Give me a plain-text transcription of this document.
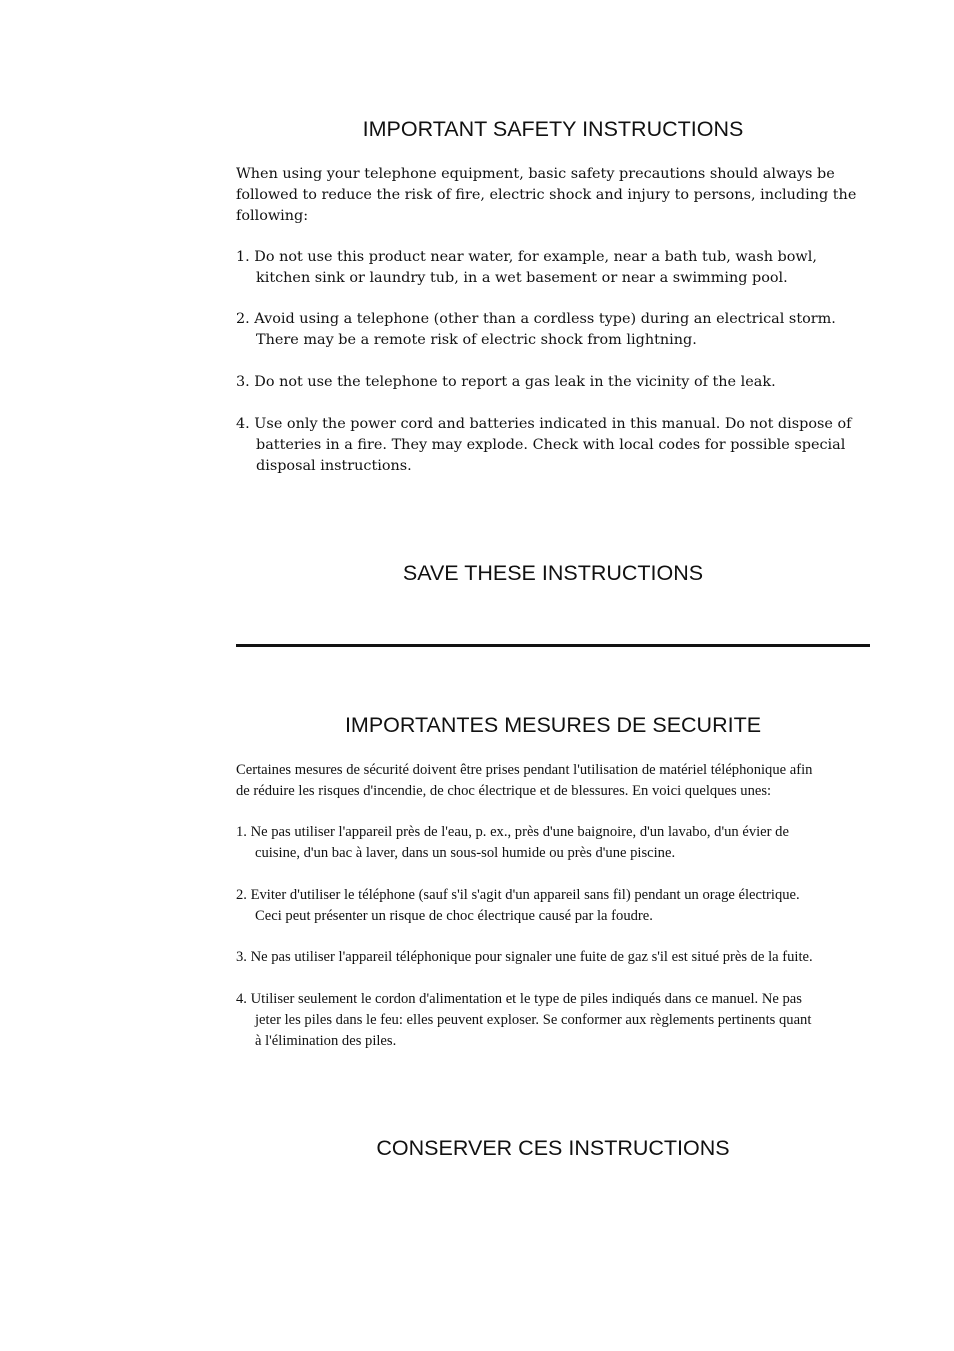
IMPORTANT SAFETY INSTRUCTIONS
When using your telephone equipment, basic safety precautions should always be
followed to reduce the risk of fire, electric shock and injury to persons, including the
following:
1. Do not use this product near water, for example, near a bath tub, wash bowl,
kitchen sink or laundry tub, in a wet basement or near a swimming pool.
2. Avoid using a telephone (other than a cordless type) during an electrical storm.
There may be a remote risk of electric shock from lightning.
3. Do not use the telephone to report a gas leak in the vicinity of the leak.
4. Use only the power cord and batteries indicated in this manual. Do not dispose of
batteries in a fire. They may explode. Check with local codes for possible special
disposal instructions.
SAVE THESE INSTRUCTIONS
IMPORTANTES MESURES DE SECURITE
Certaines mesures de sécurité doivent être prises pendant l'utilisation de matériel téléphonique afin
de réduire les risques d'incendie, de choc électrique et de blessures. En voici quelques unes:
1. Ne pas utiliser l'appareil près de l'eau, p. ex., près d'une baignoire, d'un lavabo, d'un évier de
cuisine, d'un bac à laver, dans un sous-sol humide ou près d'une piscine.
2. Eviter d'utiliser le téléphone (sauf s'il s'agit d'un appareil sans fil) pendant un orage électrique.
Ceci peut présenter un risque de choc électrique causé par la foudre.
3. Ne pas utiliser l'appareil téléphonique pour signaler une fuite de gaz s'il est situé près de la fuite.
4. Utiliser seulement le cordon d'alimentation et le type de piles indiqués dans ce manuel. Ne pas
jeter les piles dans le feu: elles peuvent exploser. Se conformer aux règlements pertinents quant
à l'élimination des piles.
CONSERVER CES INSTRUCTIONS
